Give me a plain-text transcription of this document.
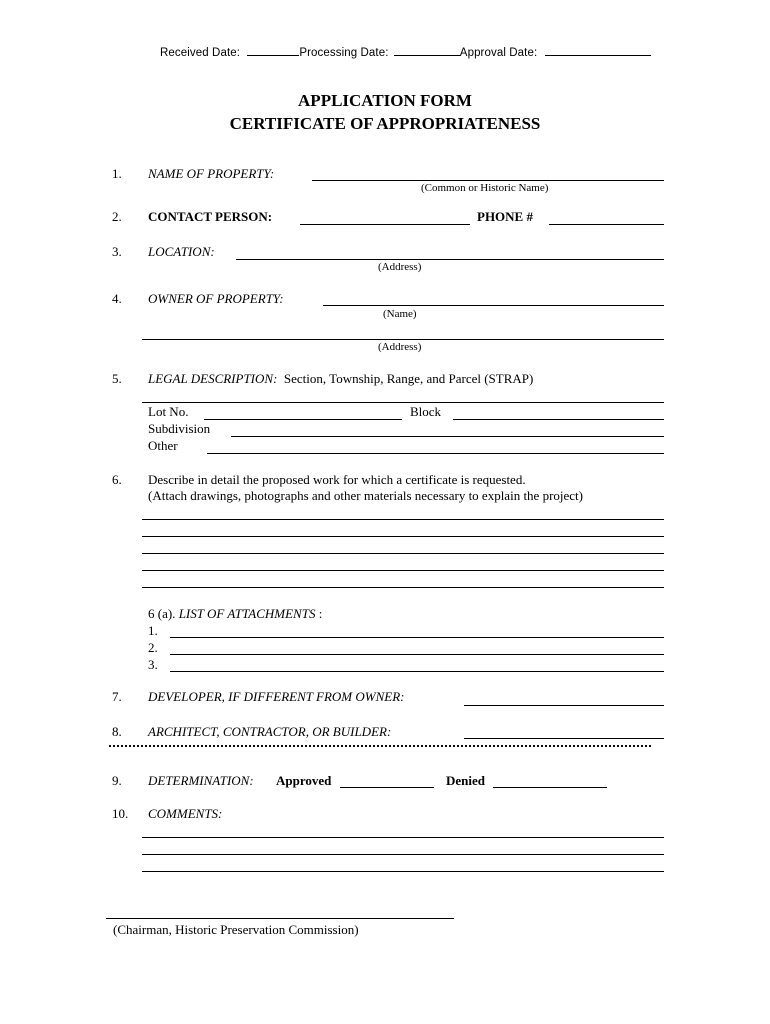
Received Date:	Processing Date:	Approval Date:
APPLICATION FORM
CERTIFICATE OF APPROPRIATENESS
1. NAME OF PROPERTY:
(Common or Historic Name)
2. CONTACT PERSON:	PHONE #
3. LOCATION:
(Address)
4. OWNER OF PROPERTY:
(Name)
(Address)
5. LEGAL DESCRIPTION: Section, Township, Range, and Parcel (STRAP)
Lot No.	Block
Subdivision
Other
6. Describe in detail the proposed work for which a certificate is requested.
(Attach drawings, photographs and other materials necessary to explain the project)
6 (a). LIST OF ATTACHMENTS :
1.
2.
3.
7. DEVELOPER, IF DIFFERENT FROM OWNER:
8. ARCHITECT, CONTRACTOR, OR BUILDER:
9. DETERMINATION: Approved	Denied
10. COMMENTS:
(Chairman, Historic Preservation Commission)
